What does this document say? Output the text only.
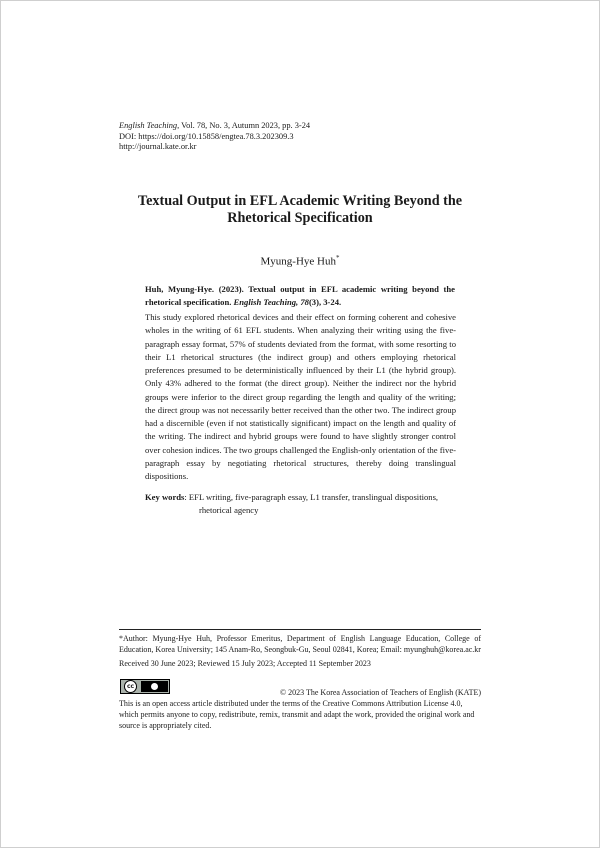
English Teaching, Vol. 78, No. 3, Autumn 2023, pp. 3-24
DOI: https://doi.org/10.15858/engtea.78.3.202309.3
http://journal.kate.or.kr
Textual Output in EFL Academic Writing Beyond the Rhetorical Specification
Myung-Hye Huh*
Huh, Myung-Hye. (2023). Textual output in EFL academic writing beyond the rhetorical specification. English Teaching, 78(3), 3-24.
This study explored rhetorical devices and their effect on forming coherent and cohesive wholes in the writing of 61 EFL students. When analyzing their writing using the five-paragraph essay format, 57% of students deviated from the format, with some resorting to their L1 rhetorical structures (the indirect group) and others employing rhetorical preferences presumed to be deterministically influenced by their L1 (the hybrid group). Only 43% adhered to the format (the direct group). Neither the indirect nor the hybrid groups were inferior to the direct group regarding the length and quality of the writing; the direct group was not necessarily better received than the other two. The indirect group had a discernible (even if not statistically significant) impact on the length and quality of the writing. The indirect and hybrid groups were found to have slightly stronger control over cohesion indices. The two groups challenged the English-only orientation of the five-paragraph essay by negotiating rhetorical structures, thereby doing translingual dispositions.
Key words: EFL writing, five-paragraph essay, L1 transfer, translingual dispositions,
rhetorical agency
*Author: Myung-Hye Huh, Professor Emeritus, Department of English Language Education, College of Education, Korea University; 145 Anam-Ro, Seongbuk-Gu, Seoul 02841, Korea; Email: myunghuh@korea.ac.kr
Received 30 June 2023; Reviewed 15 July 2023; Accepted 11 September 2023
cc
© 2023 The Korea Association of Teachers of English (KATE)
This is an open access article distributed under the terms of the Creative Commons Attribution License 4.0, which permits anyone to copy, redistribute, remix, transmit and adapt the work, provided the original work and source is appropriately cited.
